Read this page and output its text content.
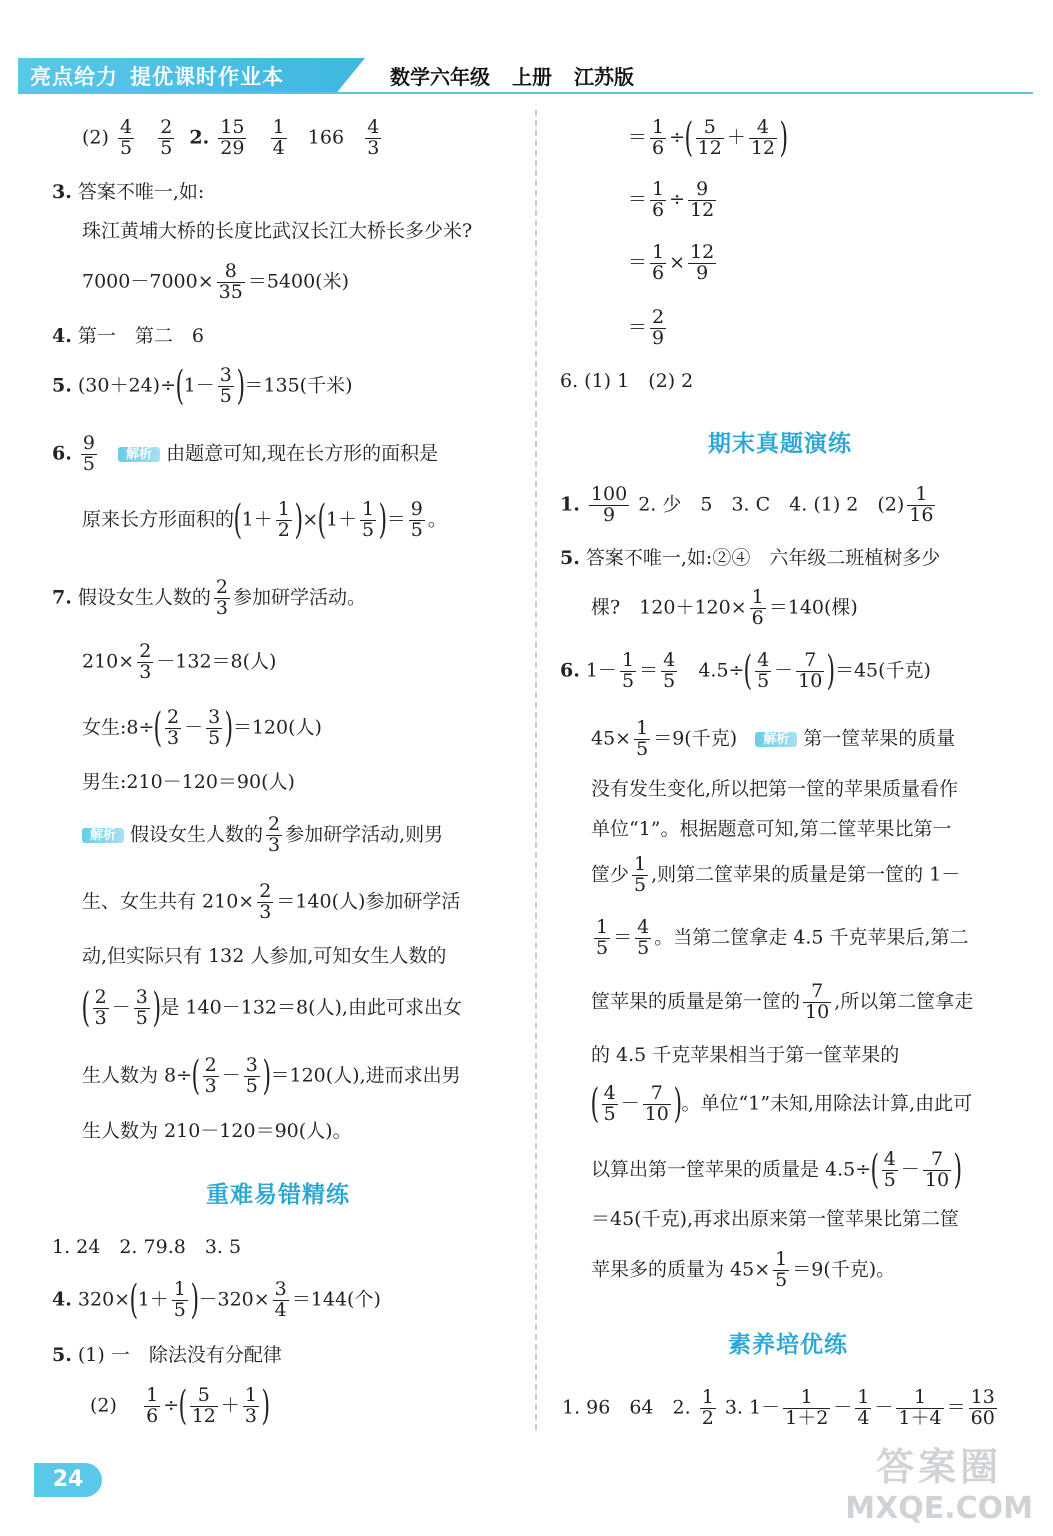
亮点给力 提优课时作业本	数学六年级 上册 江苏版
$(2) \frac{4}{5}$
$\frac{2}{5} 2$. $\frac{15}{29}$
$\frac{1}{4} 166 \frac{4}{3}$
3. 答案不唯一,如:
珠江黄埔大桥的长度比武汉长江大桥长多少米?
$7000-7000\times \frac{8}{35} =5400$(米)
4. 第一　第二　6
5. $(30+24)\div(1- \frac{3}{5} )=135$(千米)
6. $\frac{9}{5}$ 解析 由题意可知,现在长方形的面积是
原来长方形面积的$(1+ \frac{1}{2} )\times(1+ \frac{1}{5}$ )＝ $\frac{9}{5}$ 。
7. 假设女生人数的 $\frac{2}{3}$ 参加研学活动。
$210\times \frac{2}{3} -132=8$(人)
女生:8÷( $\frac{2}{3} - \frac{3}{5} )=120$(人)
男生:210－120＝90(人)
解析 假设女生人数的 $\frac{2}{3}$ 参加研学活动,则男
生、女生共有 $210\times \frac{2}{3} =140$(人)参加研学活
动,但实际只有 132 人参加,可知女生人数的
( $\frac{2}{3} - \frac{3}{5}$ )是 140－132＝8(人),由此可求出女
生人数为 $8\div( \frac{2}{3} - \frac{3}{5} )=120$(人),进而求出男
生人数为 210－120＝90(人)。
重难易错精练
1. 24　2. 79.8　3. 5
4. $320\times(1+ \frac{1}{5} )-320\times \frac{3}{4} =144$(个)
5. (1) 一　除法没有分配律
$(2) \frac{1}{6}$ ÷( $\frac{5}{12} + \frac{1}{3}$ )
＝ $\frac{1}{6}$ ÷( $\frac{5}{12} + \frac{4}{12}$ )
＝ $\frac{1}{6} \div \frac{9}{12}$
＝ $\frac{1}{6} \times \frac{12}{9}$
＝ $\frac{2}{9}$
6. (1) 1　(2) 2
期末真题演练
1. $\frac{100}{9} 2$. 少　5　3. C　4. (1) 2　$(2) \frac{1}{16}$
5. 答案不唯一,如:②④　六年级二班植树多少
棵?　$120+120\times \frac{1}{6} =140$(棵)
6. $1- \frac{1}{5} = \frac{4}{5} 4.5\div( \frac{4}{5} - \frac{7}{10} )=45$(千克)
$45\times \frac{1}{5} =9$(千克) 解析 第一筐苹果的质量
没有发生变化,所以把第一筐的苹果质量看作
单位“1”。根据题意可知,第二筐苹果比第一
筐少 $\frac{1}{5}$ ,则第二筐苹果的质量是第一筐的 1－
$\frac{1}{5} = \frac{4}{5}$ 。当第二筐拿走 4.5 千克苹果后,第二
筐苹果的质量是第一筐的 $\frac{7}{10}$ ,所以第二筐拿走
的 4.5 千克苹果相当于第一筐苹果的
( $\frac{4}{5} - \frac{7}{10}$ )。单位“1”未知,用除法计算,由此可
以算出第一筐苹果的质量是 $4.5\div( \frac{4}{5} - \frac{7}{10}$ )
＝45(千克),再求出原来第一筐苹果比第二筐
苹果多的质量为 $45\times \frac{1}{5} =9$(千克)。
素养培优练
1. 96　64　2. $\frac{1}{2} 3$. $1- \frac{1}{1+2} - \frac{1}{4} - \frac{1}{1+4} = \frac{13}{60}$
24	答案圈
MXQE.COM
